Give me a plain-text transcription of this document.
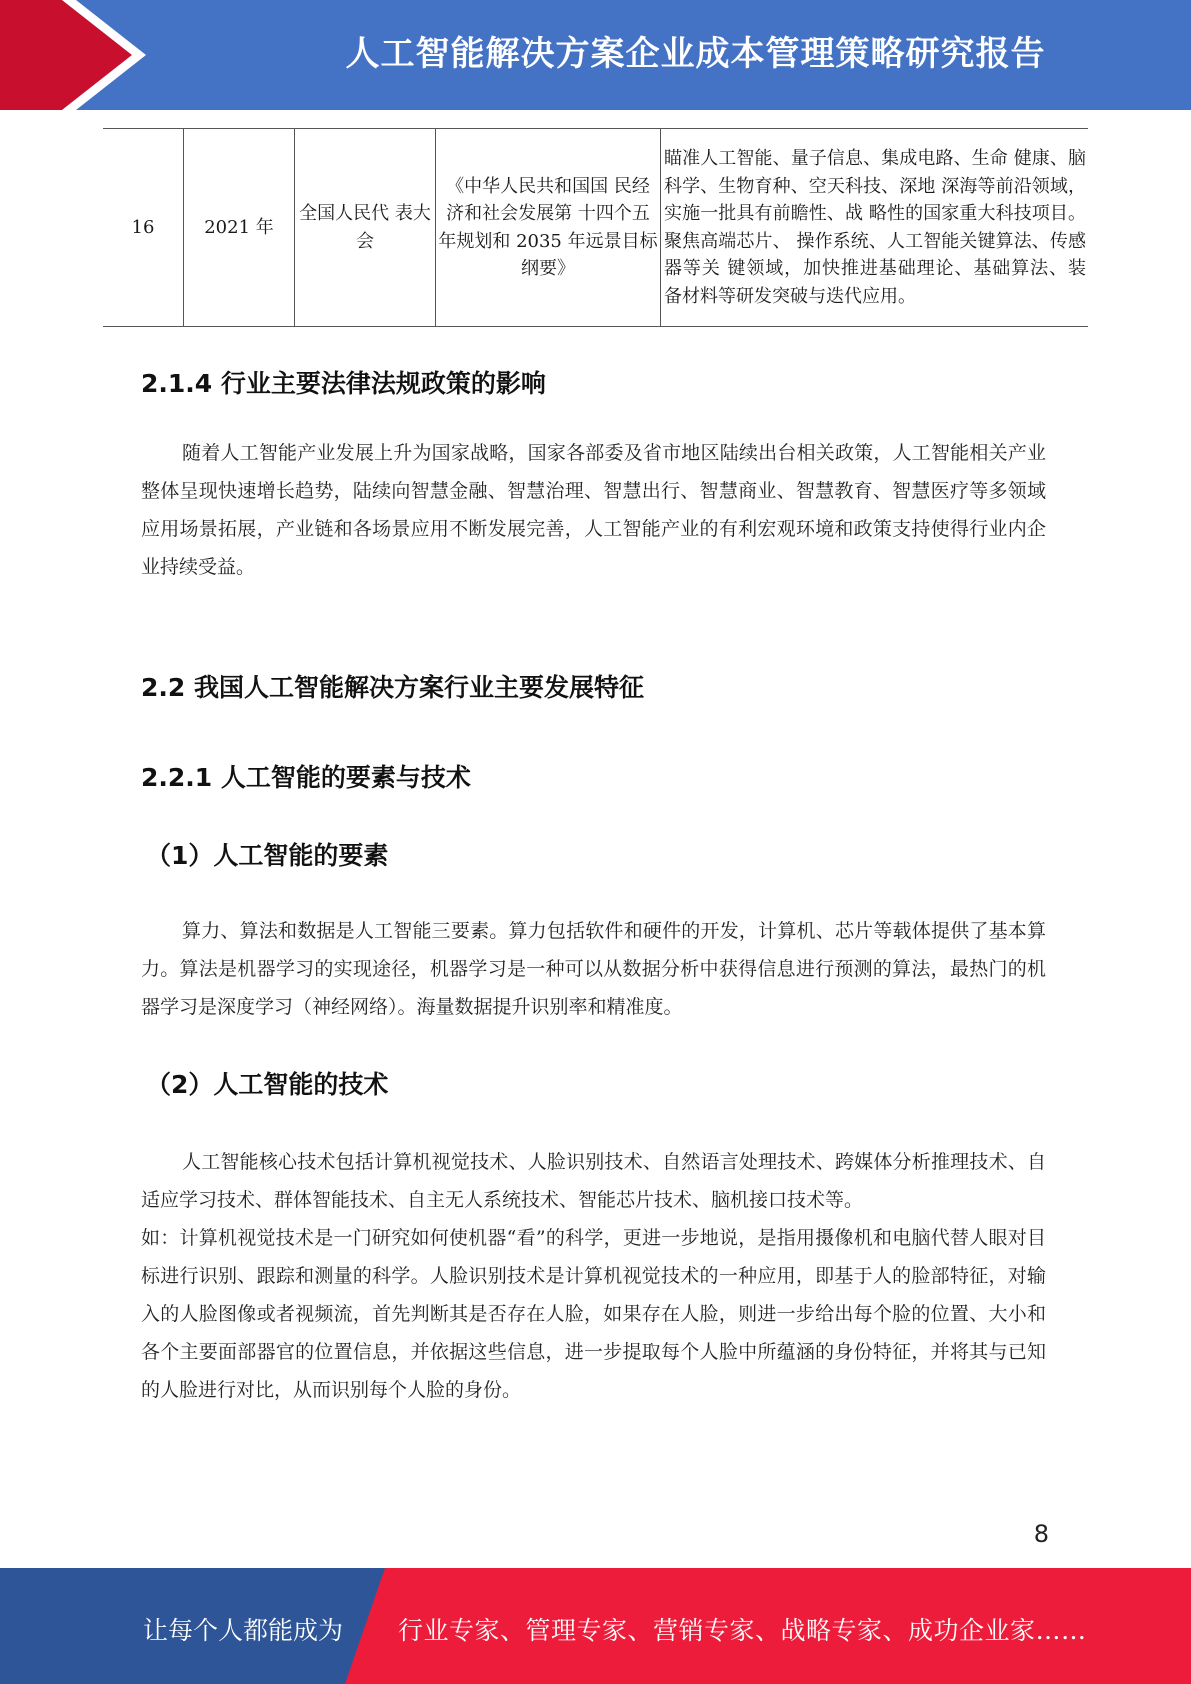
人工智能解决方案企业成本管理策略研究报告
16	2021 年	全国人民代 表大会	《中华人民共和国国 民经济和社会发展第 十四个五年规划和 2035 年远景目标纲要》	瞄准人工智能、量子信息、集成电路、生命 健康、脑科学、生物育种、空天科技、深地 深海等前沿领域，实施一批具有前瞻性、战 略性的国家重大科技项目。聚焦高端芯片、 操作系统、人工智能关键算法、传感器等关 键领域，加快推进基础理论、基础算法、装 备材料等研发突破与迭代应用。
2.1.4 行业主要法律法规政策的影响
随着人工智能产业发展上升为国家战略，国家各部委及省市地区陆续出台相关政策，人工智能相关产业整体呈现快速增长趋势，陆续向智慧金融、智慧治理、智慧出行、智慧商业、智慧教育、智慧医疗等多领域应用场景拓展，产业链和各场景应用不断发展完善，人工智能产业的有利宏观环境和政策支持使得行业内企业持续受益。
2.2 我国人工智能解决方案行业主要发展特征
2.2.1 人工智能的要素与技术
（1）人工智能的要素
算力、算法和数据是人工智能三要素。算力包括软件和硬件的开发，计算机、芯片等载体提供了基本算力。算法是机器学习的实现途径，机器学习是一种可以从数据分析中获得信息进行预测的算法，最热门的机器学习是深度学习（神经网络）。海量数据提升识别率和精准度。
（2）人工智能的技术
人工智能核心技术包括计算机视觉技术、人脸识别技术、自然语言处理技术、跨媒体分析推理技术、自适应学习技术、群体智能技术、自主无人系统技术、智能芯片技术、脑机接口技术等。
如：计算机视觉技术是一门研究如何使机器“看”的科学，更进一步地说，是指用摄像机和电脑代替人眼对目标进行识别、跟踪和测量的科学。人脸识别技术是计算机视觉技术的一种应用，即基于人的脸部特征，对输入的人脸图像或者视频流，首先判断其是否存在人脸，如果存在人脸，则进一步给出每个脸的位置、大小和各个主要面部器官的位置信息，并依据这些信息，进一步提取每个人脸中所蕴涵的身份特征，并将其与已知的人脸进行对比，从而识别每个人脸的身份。
8
让每个人都能成为 行业专家、管理专家、营销专家、战略专家、成功企业家……
